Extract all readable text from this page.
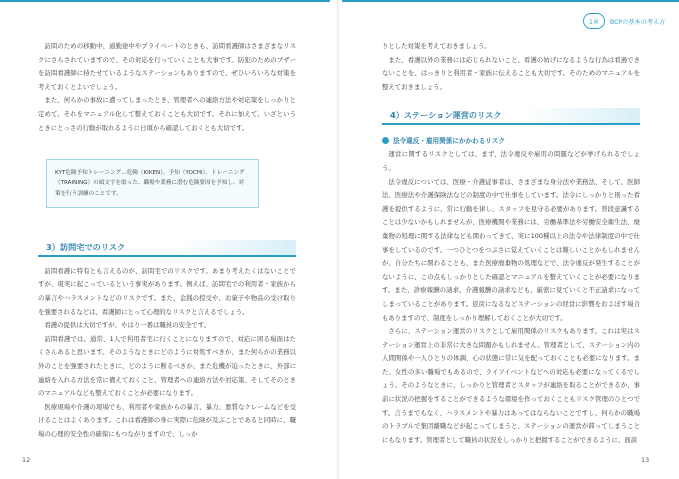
1章	BCPの基本の考え方

訪問のための移動中、通勤途中やプライベートのときも、訪問看護師はさまざまなリスクにさらされていますので、その対応を行っていくことも大事です。防犯のためのブザーを訪問看護師に持たせているようなステーションもありますので、ぜひいろいろな対策を考えておくとよいでしょう。

また、何らかの事故に遭ってしまったとき、管理者への連絡方法や対応策をしっかりと定めて、それをマニュアル化して整えておくことも大切です。それに加えて、いざというときにとっさの行動が取れるように日頃から確認しておくとも大切です。

KYT危険予知トレーニング…危険（KIKEN）、予知（YOCHI）、トレーニング（TRAINING）の頭文字を取った、職場や業務に潜む危険要因を予知し、対策を行う訓練のことです。

3）訪問宅でのリスク

訪問看護に特有とも言えるのが、訪問宅でのリスクです。あまり考えたくはないことですが、現実に起こっているという事実があります。例えば、訪問宅での利用者・家族からの暴言やハラスメントなどのリスクです。また、金銭の授受や、お菓子や物品の受け取りを強要されるなどは、看護師にとって心理的なリスクと言えるでしょう。

看護の提供は大切ですが、やはり一番は職員の安全です。

訪問看護では、通常、1人で利用者宅に行くことになりますので、対応に困る場面はたくさんあると思います。そのようなときにどのように対処すべきか、また何らかの業務以外のことを強要されたときに、どのように断るべきか、また危機が迫ったときに、外部に連絡を入れる方法を常に備えておくこと、管理者への連絡方法や対応策、そしてそのときのマニュアルなども整えておくことが必要になります。

医療現場や介護の現場でも、利用者や家族からの暴言、暴力、悪質なクレームなどを受けることはよくあります。これは看護師の身に実際に危険が及ぶことであると同時に、職場の心理的安全性の確保にもつながりますので、しっか

りとした対策を考えておきましょう。

また、看護以外の業務には応じられないこと、看護の妨げになるような行為は看過できないことを、はっきりと利用者・家族に伝えることも大切です。そのためのマニュアルを整えておきましょう。

4）ステーション運営のリスク
法令違反・雇用関係にかかわるリスク

運営に関するリスクとしては、まず、法令違反や雇用の問題などが挙げられるでしょう。

法令違反については、医療・介護従事者は、さまざまな身分法や業務法、そして、医師法、医療法や介護保険法などの制度の中で仕事をしています。法令にしっかりと則った看護を提供するように、常に行動を律し、スタッフを見守る必要があります。普段意識することは少ないかもしれませんが、医療機関や業務には、労働基準法や労働安全衛生法、廃棄物の処理に関する法律なども関わってきて、実に100種以上の法令や法律制度の中で仕事をしているのです。一つひとつをつぶさに覚えていくことは難しいことかもしれませんが、自分たちに関わることも、また医療廃棄物の処理などで、法令違反が発生することがないように、この点もしっかりとした確認とマニュアルを整えていくことが必要になります。また、診療報酬の請求、介護報酬の請求なども、厳密に見ていくと不正請求になってしまっていることがあります。返戻になるなどステーションの経営に影響をおよぼす場合もありますので、制度をしっかり理解しておくことが大切です。

さらに、ステーション運営のリスクとして雇用関係のリスクもあります。これは実はステーション運営上の非常に大きな問題かもしれません。管理者として、ステーション内の人間関係や一人ひとりの体調、心の状態に常に気を配っておくことも必要になります。また、女性の多い職場でもあるので、ライフイベントなどへの対応も必要になってくるでしょう。そのようなときに、しっかりと管理者とスタッフが連絡を取ることができるか、事前に状況の把握をすることができるような環境を作っておくこともリスク管理のひとつです。言うまでもなく、ハラスメントや暴力はあってはならないことですし、何らかの職場のトラブルで集団離職などが起こってしまうと、ステーションの運営が滞ってしまうことにもなります。管理者として職員の状況をしっかりと把握することができるように、面談

12	13
